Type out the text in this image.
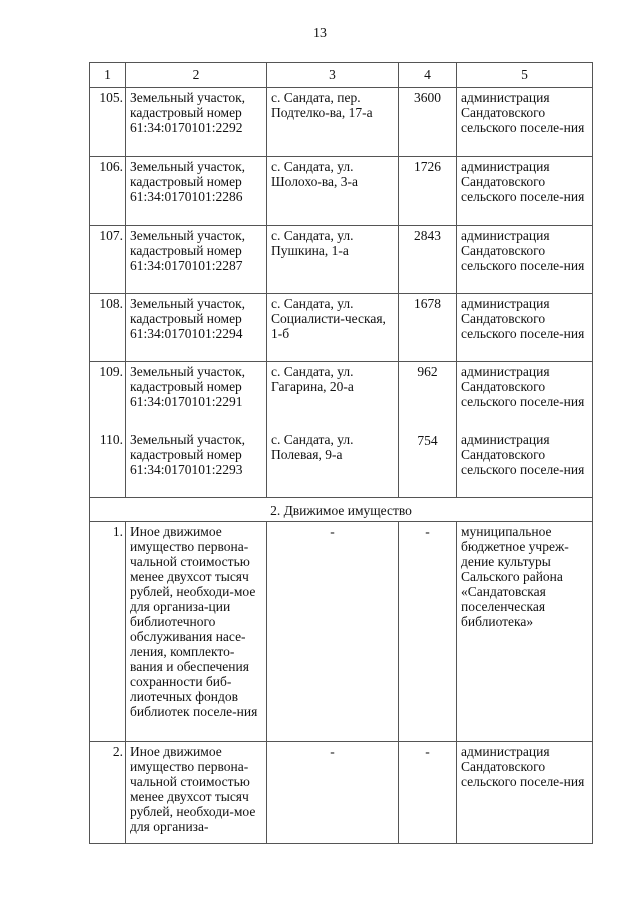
13
1	2	3	4	5
105.	Земельный участок, кадастровый номер 61:34:0170101:2292	с. Сандата, пер. Подтелко-ва, 17-а	3600	администрация Сандатовского сельского поселе-ния
106.	Земельный участок, кадастровый номер 61:34:0170101:2286	с. Сандата, ул. Шолохо-ва, 3-а	1726	администрация Сандатовского сельского поселе-ния
107.	Земельный участок, кадастровый номер 61:34:0170101:2287	с. Сандата, ул. Пушкина, 1-а	2843	администрация Сандатовского сельского поселе-ния
108.	Земельный участок, кадастровый номер 61:34:0170101:2294	с. Сандата, ул. Социалисти-ческая, 1-б	1678	администрация Сандатовского сельского поселе-ния
109.	Земельный участок, кадастровый номер 61:34:0170101:2291	с. Сандата, ул. Гагарина, 20-а	962	администрация Сандатовского сельского поселе-ния
110.	Земельный участок, кадастровый номер 61:34:0170101:2293	с. Сандата, ул. Полевая, 9-а	754	администрация Сандатовского сельского поселе-ния
2. Движимое имущество				
1.	Иное движимое имущество первона-чальной стоимостью менее двухсот тысяч рублей, необходи-мое для организа-ции библиотечного обслуживания насе-ления, комплекто-вания и обеспечения сохранности биб-лиотечных фондов библиотек поселе-ния	-	-	муниципальное бюджетное учреж-дение культуры Сальского района «Сандатовская поселенческая библиотека»
2.	Иное движимое имущество первона-чальной стоимостью менее двухсот тысяч рублей, необходи-мое для организа-	-	-	администрация Сандатовского сельского поселе-ния
